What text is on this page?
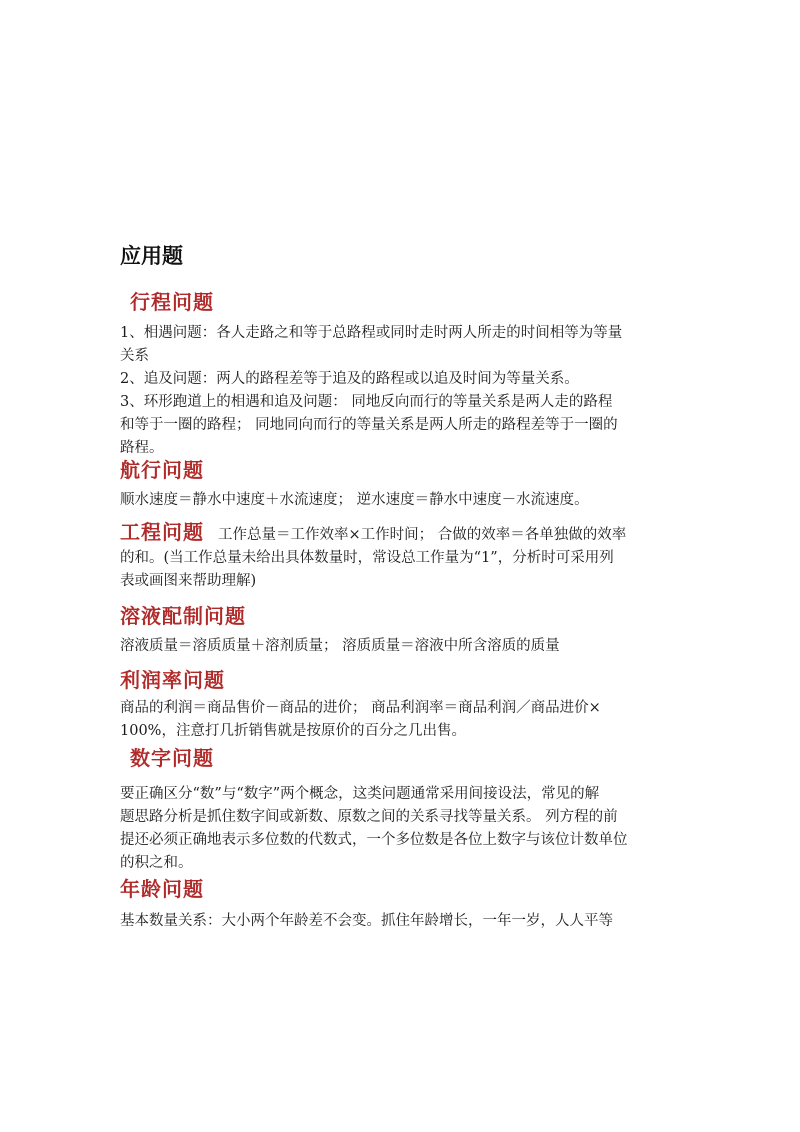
应用题
行程问题

1、相遇问题：各人走路之和等于总路程或同时走时两人所走的时间相等为等量

关系

2、追及问题：两人的路程差等于追及的路程或以追及时间为等量关系。

3、环形跑道上的相遇和追及问题： 同地反向而行的等量关系是两人走的路程

和等于一圈的路程； 同地同向而行的等量关系是两人所走的路程差等于一圈的

路程。

航行问题

顺水速度＝静水中速度＋水流速度； 逆水速度＝静水中速度－水流速度。

工程问题 工作总量＝工作效率×工作时间； 合做的效率＝各单独做的效率

的和。(当工作总量未给出具体数量时，常设总工作量为“1”，分析时可采用列

表或画图来帮助理解)

溶液配制问题

溶液质量＝溶质质量＋溶剂质量； 溶质质量＝溶液中所含溶质的质量

利润率问题

商品的利润＝商品售价－商品的进价； 商品利润率＝商品利润／商品进价×

100%，注意打几折销售就是按原价的百分之几出售。

数字问题

要正确区分“数”与“数字”两个概念，这类问题通常采用间接设法，常见的解

题思路分析是抓住数字间或新数、原数之间的关系寻找等量关系。 列方程的前

提还必须正确地表示多位数的代数式，一个多位数是各位上数字与该位计数单位

的积之和。

年龄问题

基本数量关系：大小两个年龄差不会变。抓住年龄增长，一年一岁，人人平等
